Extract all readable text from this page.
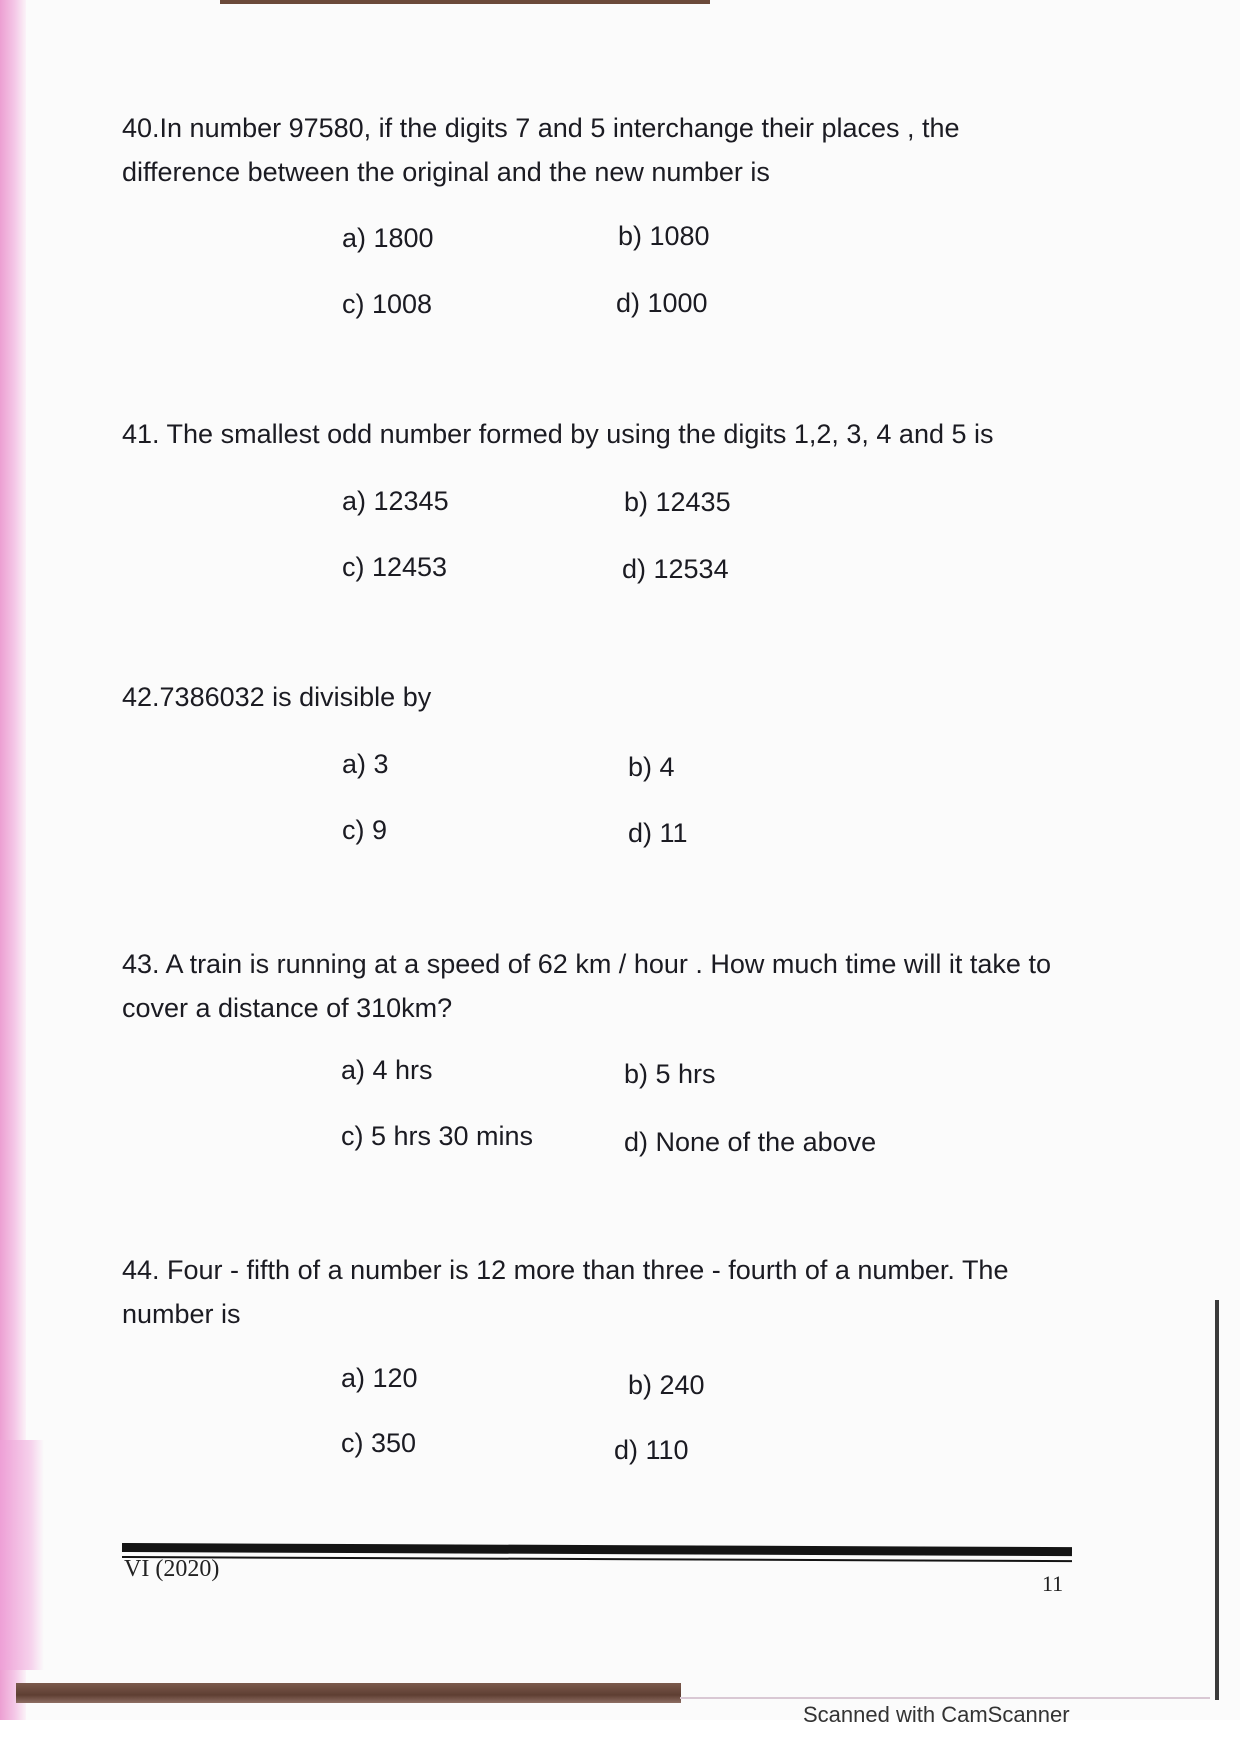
40.In number 97580, if the digits 7 and 5 interchange their places , the difference between the original and the new number is
a) 1800	b) 1080
c) 1008	d) 1000
41. The smallest odd number formed by using the digits 1,2, 3, 4 and 5 is
a) 12345	b) 12435
c) 12453	d) 12534
42.7386032 is divisible by
a) 3	b) 4
c) 9	d) 11
43. A train is running at a speed of 62 km / hour . How much time will it take to cover a distance of 310km?
a) 4 hrs	b) 5 hrs
c) 5 hrs 30 mins	d) None of the above
44. Four - fifth of a number is 12 more than three - fourth of a number. The number is
a) 120	b) 240
c) 350	d) 110
VI (2020)
11
Scanned with CamScanner
